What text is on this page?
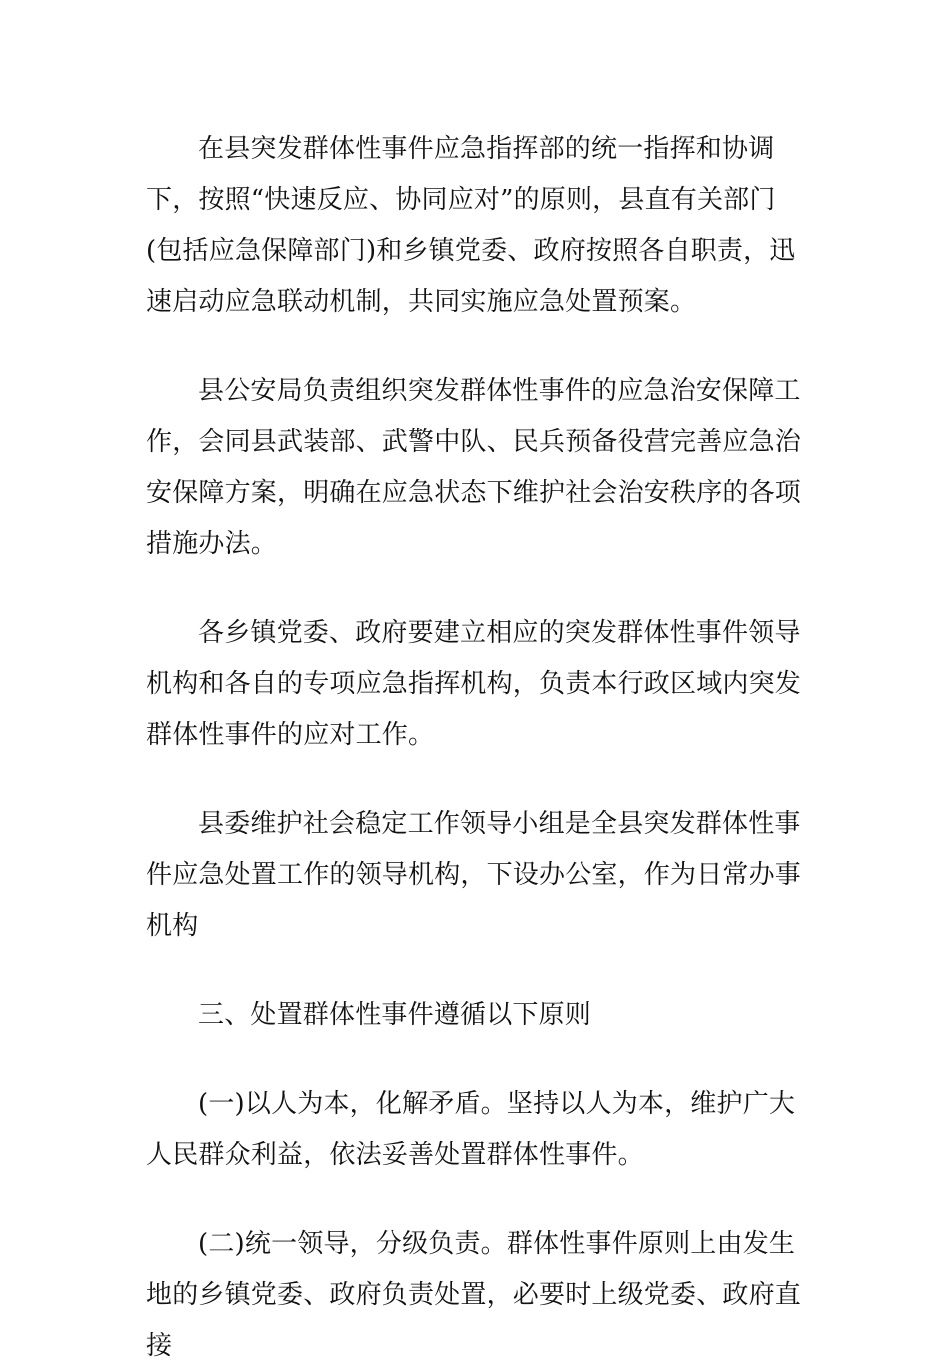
在县突发群体性事件应急指挥部的统一指挥和协调下，按照“快速反应、协同应对”的原则，县直有关部门(包括应急保障部门)和乡镇党委、政府按照各自职责，迅速启动应急联动机制，共同实施应急处置预案。

县公安局负责组织突发群体性事件的应急治安保障工作，会同县武装部、武警中队、民兵预备役营完善应急治安保障方案，明确在应急状态下维护社会治安秩序的各项措施办法。

各乡镇党委、政府要建立相应的突发群体性事件领导机构和各自的专项应急指挥机构，负责本行政区域内突发群体性事件的应对工作。

县委维护社会稳定工作领导小组是全县突发群体性事件应急处置工作的领导机构，下设办公室，作为日常办事机构

三、处置群体性事件遵循以下原则

(一)以人为本，化解矛盾。坚持以人为本，维护广大人民群众利益，依法妥善处置群体性事件。

(二)统一领导，分级负责。群体性事件原则上由发生地的乡镇党委、政府负责处置，必要时上级党委、政府直接
